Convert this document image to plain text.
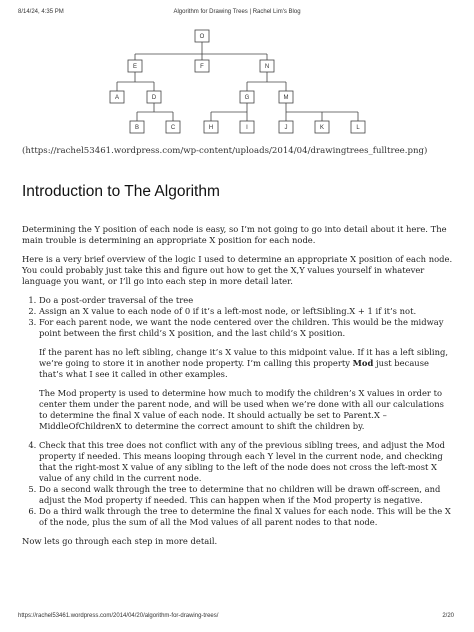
8/14/24, 4:35 PM	Algorithm for Drawing Trees | Rachel Lim's Blog
O
E	F	N
A	D	G	M
B	C	H	I	J	K	L
(https://rachel53461.wordpress.com/wp-content/uploads/2014/04/drawingtrees_fulltree.png)
Introduction to The Algorithm

Determining the Y position of each node is easy, so I’m not going to go into detail about it here. The main trouble is determining an appropriate X position for each node.

Here is a very brief overview of the logic I used to determine an appropriate X position of each node. You could probably just take this and figure out how to get the X,Y values yourself in whatever language you want, or I’ll go into each step in more detail later.

1. Do a post-order traversal of the tree
2. Assign an X value to each node of 0 if it’s a left-most node, or leftSibling.X + 1 if it’s not.
3. For each parent node, we want the node centered over the children. This would be the midway point between the first child’s X position, and the last child’s X position.

If the parent has no left sibling, change it’s X value to this midpoint value. If it has a left sibling, we’re going to store it in another node property. I’m calling this property Mod just because that’s what I see it called in other examples.

The Mod property is used to determine how much to modify the children’s X values in order to center them under the parent node, and will be used when we’re done with all our calculations to determine the final X value of each node. It should actually be set to Parent.X – MiddleOfChildrenX to determine the correct amount to shift the children by.

4. Check that this tree does not conflict with any of the previous sibling trees, and adjust the Mod property if needed. This means looping through each Y level in the current node, and checking that the right-most X value of any sibling to the left of the node does not cross the left-most X value of any child in the current node.
5. Do a second walk through the tree to determine that no children will be drawn off-screen, and adjust the Mod property if needed. This can happen when if the Mod property is negative.
6. Do a third walk through the tree to determine the final X values for each node. This will be the X of the node, plus the sum of all the Mod values of all parent nodes to that node.

Now lets go through each step in more detail.

https://rachel53461.wordpress.com/2014/04/20/algorithm-for-drawing-trees/	2/20
